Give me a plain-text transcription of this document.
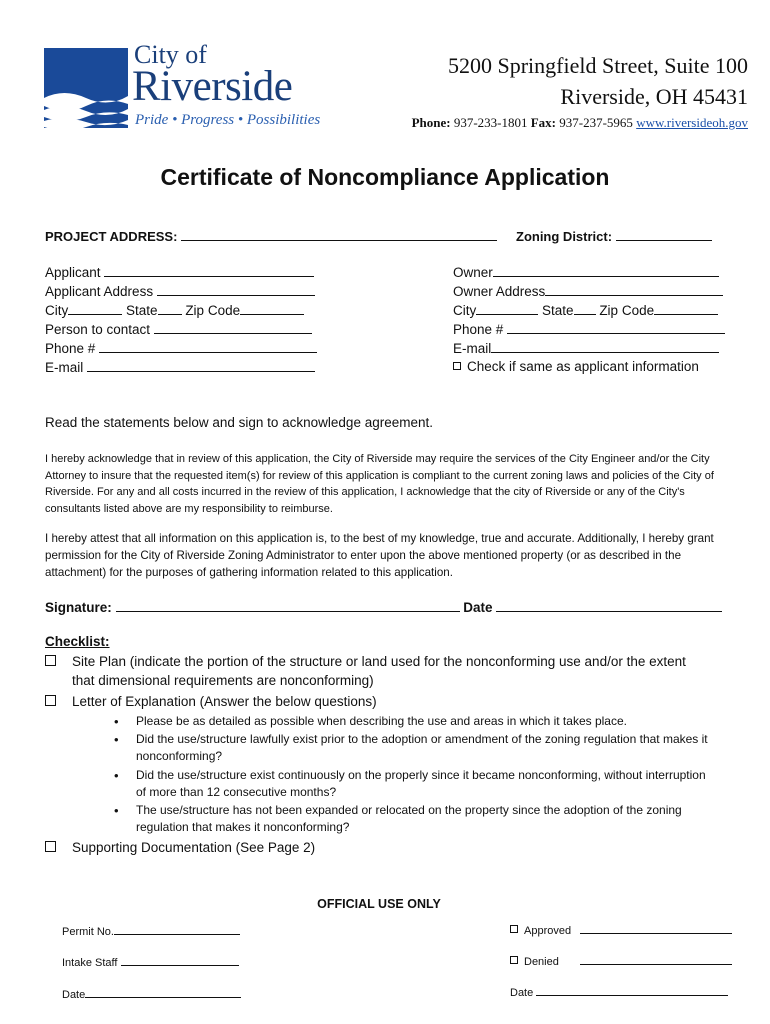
City of
Riverside
Pride • Progress • Possibilities
5200 Springfield Street, Suite 100
Riverside, OH 45431
Phone: 937-233-1801 Fax: 937-237-5965 www.riversideoh.gov
Certificate of Noncompliance Application
PROJECT ADDRESS:	Zoning District:
Applicant
Applicant Address
City	State Zip Code
Person to contact
Phone #
E-mail
Owner
Owner Address
City	State Zip Code
Phone #
E-mail
Check if same as applicant information
Read the statements below and sign to acknowledge agreement.
I hereby acknowledge that in review of this application, the City of Riverside may require the services of the City Engineer and/or the City Attorney to insure that the requested item(s) for review of this application is compliant to the current zoning laws and policies of the City of Riverside. For any and all costs incurred in the review of this application, I acknowledge that the city of Riverside or any of the City's consultants listed above are my responsibility to reimburse.
I hereby attest that all information on this application is, to the best of my knowledge, true and accurate. Additionally, I hereby grant permission for the City of Riverside Zoning Administrator to enter upon the above mentioned property (or as described in the attachment) for the purposes of gathering information related to this application.
Signature:	Date
Checklist:
Site Plan (indicate the portion of the structure or land used for the nonconforming use and/or the extent
that dimensional requirements are nonconforming)
Letter of Explanation (Answer the below questions)
• Please be as detailed as possible when describing the use and areas in which it takes place.
• Did the use/structure lawfully exist prior to the adoption or amendment of the zoning regulation that makes it nonconforming?
• Did the use/structure exist continuously on the properly since it became nonconforming, without interruption of more than 12 consecutive months?
• The use/structure has not been expanded or relocated on the property since the adoption of the zoning regulation that makes it nonconforming?
Supporting Documentation (See Page 2)
OFFICIAL USE ONLY
Permit No.
Intake Staff
Date
Approved
Denied
Date
